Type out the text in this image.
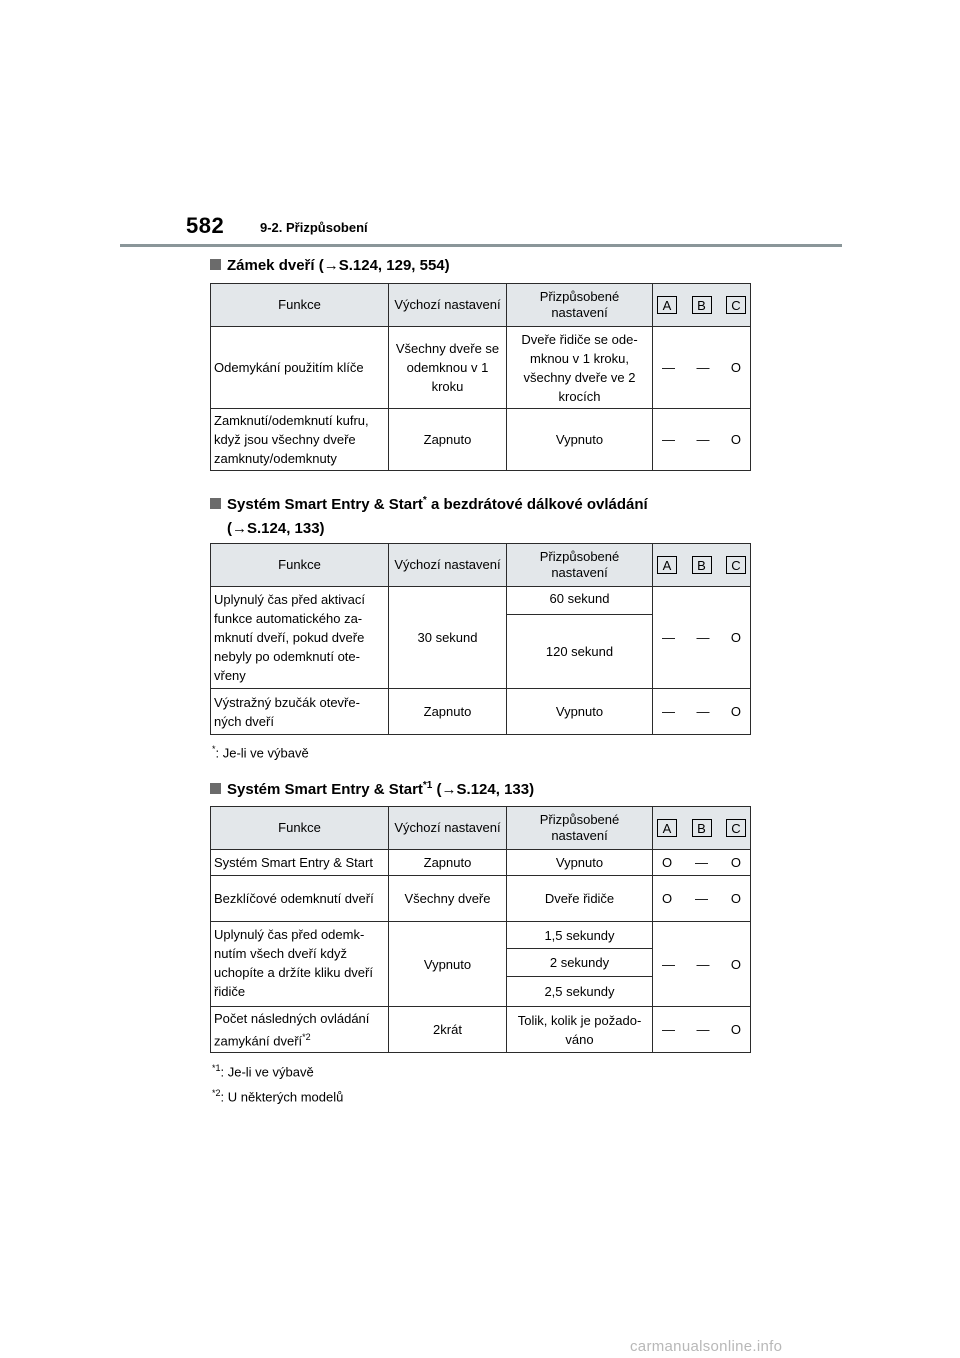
582	9-2. Přizpůsobení
Zámek dveří (→S.124, 129, 554)
Funkce	Výchozí nastavení	Přizpůsobené nastavení	A B C

Odemykání použitím klíče	Všechny dveře se odemknou v 1 kroku	Dveře řidiče se ode-mknou v 1 kroku, všechny dveře ve 2 krocích	— — O

Zamknutí/odemknutí kufru, když jsou všechny dveře zamknuty/odemknuty	Zapnuto	Vypnuto	— — O
Systém Smart Entry & Start* a bezdrátové dálkové ovládání
(→S.124, 133)
Funkce	Výchozí nastavení	Přizpůsobené nastavení	A B C

Uplynulý čas před aktivací funkce automatického za-mknutí dveří, pokud dveře nebyly po odemknutí ote-vřeny	30 sekund	60 sekund	— — O

		120 sekund	
Výstražný bzučák otevře-ných dveří	Zapnuto	Vypnuto	— — O
*: Je-li ve výbavě
Systém Smart Entry & Start$^{*1}$ (→S.124, 133)
Funkce	Výchozí nastavení	Přizpůsobené nastavení	A B C

Systém Smart Entry & Start	Zapnuto	Vypnuto	O — O

Bezklíčové odemknutí dveří	Všechny dveře	Dveře řidiče	O — O

Uplynulý čas před odemk-nutím všech dveří když uchopíte a držíte kliku dveří řidiče	Vypnuto	1,5 sekundy	— — O

		2 sekundy	
		2,5 sekundy	
Počet následných ovládání zamykání dveří$^{*2}$	2krát	Tolik, kolik je požado-váno	— — O
$^{*1}$: Je-li ve výbavě
$^{*2}$: U některých modelů
carmanualsonline.info
